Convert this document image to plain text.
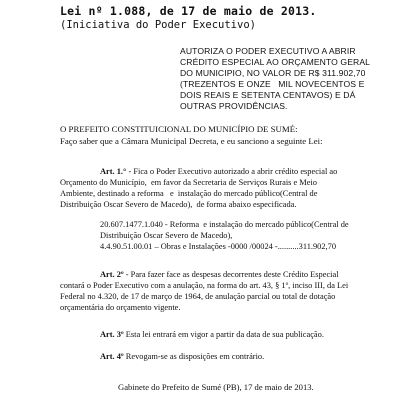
Lei nº 1.088, de 17 de maio de 2013.
(Iniciativa do Poder Executivo)
AUTORIZA O PODER EXECUTIVO A ABRIR
CRÉDITO ESPECIAL AO ORÇAMENTO GERAL
DO MUNICIPIO, NO VALOR DE R$ 311.902,70
(TREZENTOS E ONZE   MIL NOVECENTOS E
DOIS REAIS E SETENTA CENTAVOS) E DÁ
OUTRAS PROVIDÊNCIAS.
O PREFEITO CONSTITUICIONAL DO MUNICÍPIO DE SUMÉ:
Faço saber que a Câmara Municipal Decreta, e eu sanciono a seguinte Lei:
Art. 1.° - Fica o Poder Executivo autorizado a abrir crédito especial ao
Orçamento do Município,  em favor da Secretaria de Serviços Rurais e Meio
Ambiente, destinado a reforma   e  instalação do mercado público(Central de
Distribuição Oscar Severo de Macedo),  de forma abaixo especificada.
20.607.1477.1.040 - Reforma  e instalação do mercado público(Central de
Distribuição Oscar Severo de Macedo),
4.4.90.51.00.01 – Obras e Instalações -0000 /00024 -..........311.902,70
Art. 2º - Para fazer face as despesas decorrentes deste Crédito Especial
contará o Poder Executivo com a anulação, na forma do art. 43, § 1º, inciso III, da Lei
Federal no 4.320, de 17 de março de 1964, de anulação parcial ou total de dotação
orçamentária do orçamento vigente.
Art. 3º Esta lei entrará em vigor a partir da data de sua publicação.
Art. 4º Revogam-se as disposições em contrário.
Gabinete do Prefeito de Sumé (PB), 17 de maio de 2013.
